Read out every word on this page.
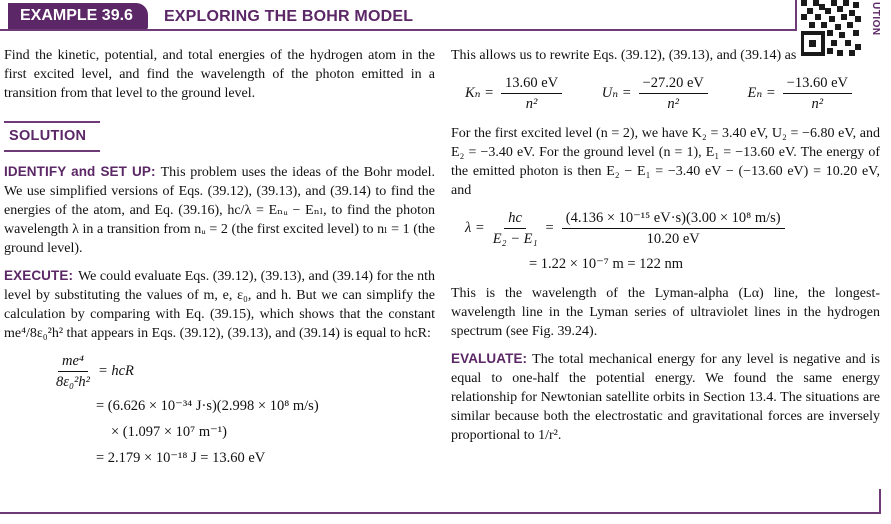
EXAMPLE 39.6	EXPLORING THE BOHR MODEL	UTION

Find the kinetic, potential, and total energies of the hydrogen atom in the first excited level, and find the wavelength of the photon emitted in a transition from that level to the ground level.

SOLUTION

IDENTIFY and SET UP: This problem uses the ideas of the Bohr model. We use simplified versions of Eqs. (39.12), (39.13), and (39.14) to find the energies of the atom, and Eq. (39.16), hc/λ = Eₙᵤ − Eₙₗ, to find the photon wavelength λ in a transition from nᵤ = 2 (the first excited level) to nₗ = 1 (the ground level).

EXECUTE: We could evaluate Eqs. (39.12), (39.13), and (39.14) for the nth level by substituting the values of m, e, ε₀, and h. But we can simplify the calculation by comparing with Eq. (39.15), which shows that the constant me⁴/8ε₀²h² that appears in Eqs. (39.12), (39.13), and (39.14) is equal to hcR:

$\frac{\text{me⁴}}{\text{8ε₀²h²}}$ = hcR
= (6.626 × 10⁻³⁴ J·s)(2.998 × 10⁸ m/s)
× (1.097 × 10⁷ m⁻¹)
= 2.179 × 10⁻¹⁸ J = 13.60 eV

This allows us to rewrite Eqs. (39.12), (39.13), and (39.14) as

$K_n = \frac{13.60 eV}{\text{n²}}$	$U_n = \frac{-27.20 eV}{\text{n²}}$	$E_n = \frac{-13.60 eV}{\text{n²}}$

For the first excited level (n = 2), we have K₂ = 3.40 eV, U₂ = −6.80 eV, and E₂ = −3.40 eV. For the ground level (n = 1), E₁ = −13.60 eV. The energy of the emitted photon is then E₂ − E₁ = −3.40 eV − (−13.60 eV) = 10.20 eV, and

$\lambda = \frac{hc}{\text{E₂ − E₁}} = \frac{\text{(4.136 × 10⁻¹⁵ eV·s)(3.00 × 10⁸ m/s)}}{10.20 eV}$
= 1.22 × 10⁻⁷ m = 122 nm

This is the wavelength of the Lyman-alpha (Lα) line, the longest-wavelength line in the Lyman series of ultraviolet lines in the hydrogen spectrum (see Fig. 39.24).

EVALUATE: The total mechanical energy for any level is negative and is equal to one-half the potential energy. We found the same energy relationship for Newtonian satellite orbits in Section 13.4. The situations are similar because both the electrostatic and gravitational forces are inversely proportional to 1/r².
